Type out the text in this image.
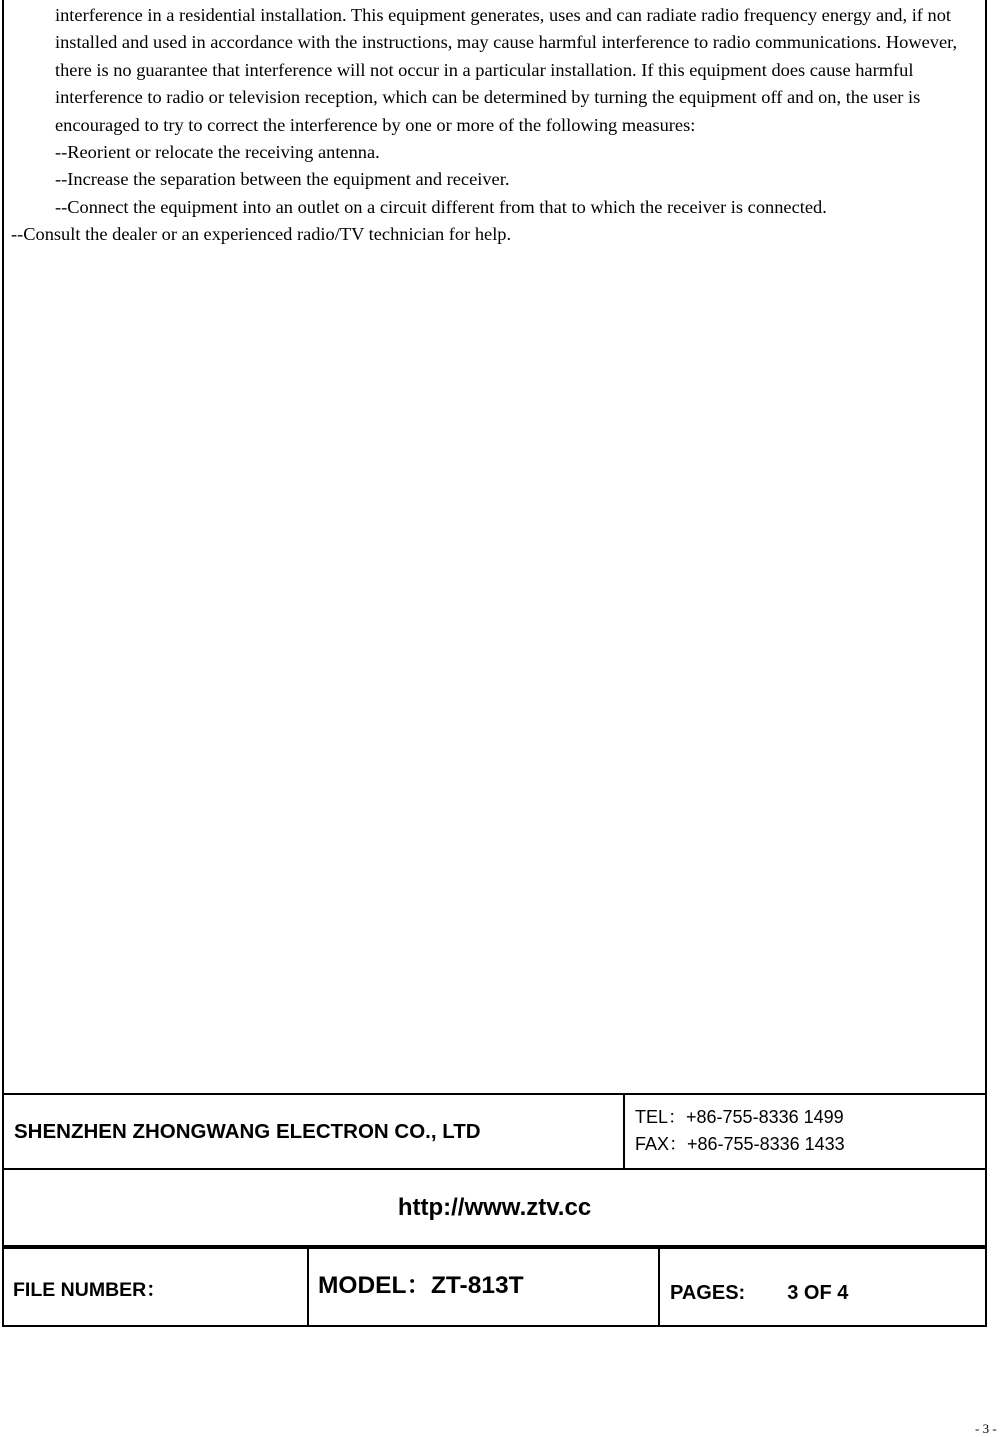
interference in a residential installation. This equipment generates, uses and can radiate radio frequency energy and, if not installed and used in accordance with the instructions, may cause harmful interference to radio communications. However, there is no guarantee that interference will not occur in a particular installation. If this equipment does cause harmful interference to radio or television reception, which can be determined by turning the equipment off and on, the user is encouraged to try to correct the interference by one or more of the following measures:

--Reorient or relocate the receiving antenna.

--Increase the separation between the equipment and receiver.

--Connect the equipment into an outlet on a circuit different from that to which the receiver is connected.

--Consult the dealer or an experienced radio/TV technician for help.

SHENZHEN ZHONGWANG ELECTRON CO., LTD
TEL：+86-755-8336 1499
FAX：+86-755-8336 1433
http://www.ztv.cc
FILE NUMBER：	MODEL：ZT-813T	PAGES: 3 OF 4
- 3 -
